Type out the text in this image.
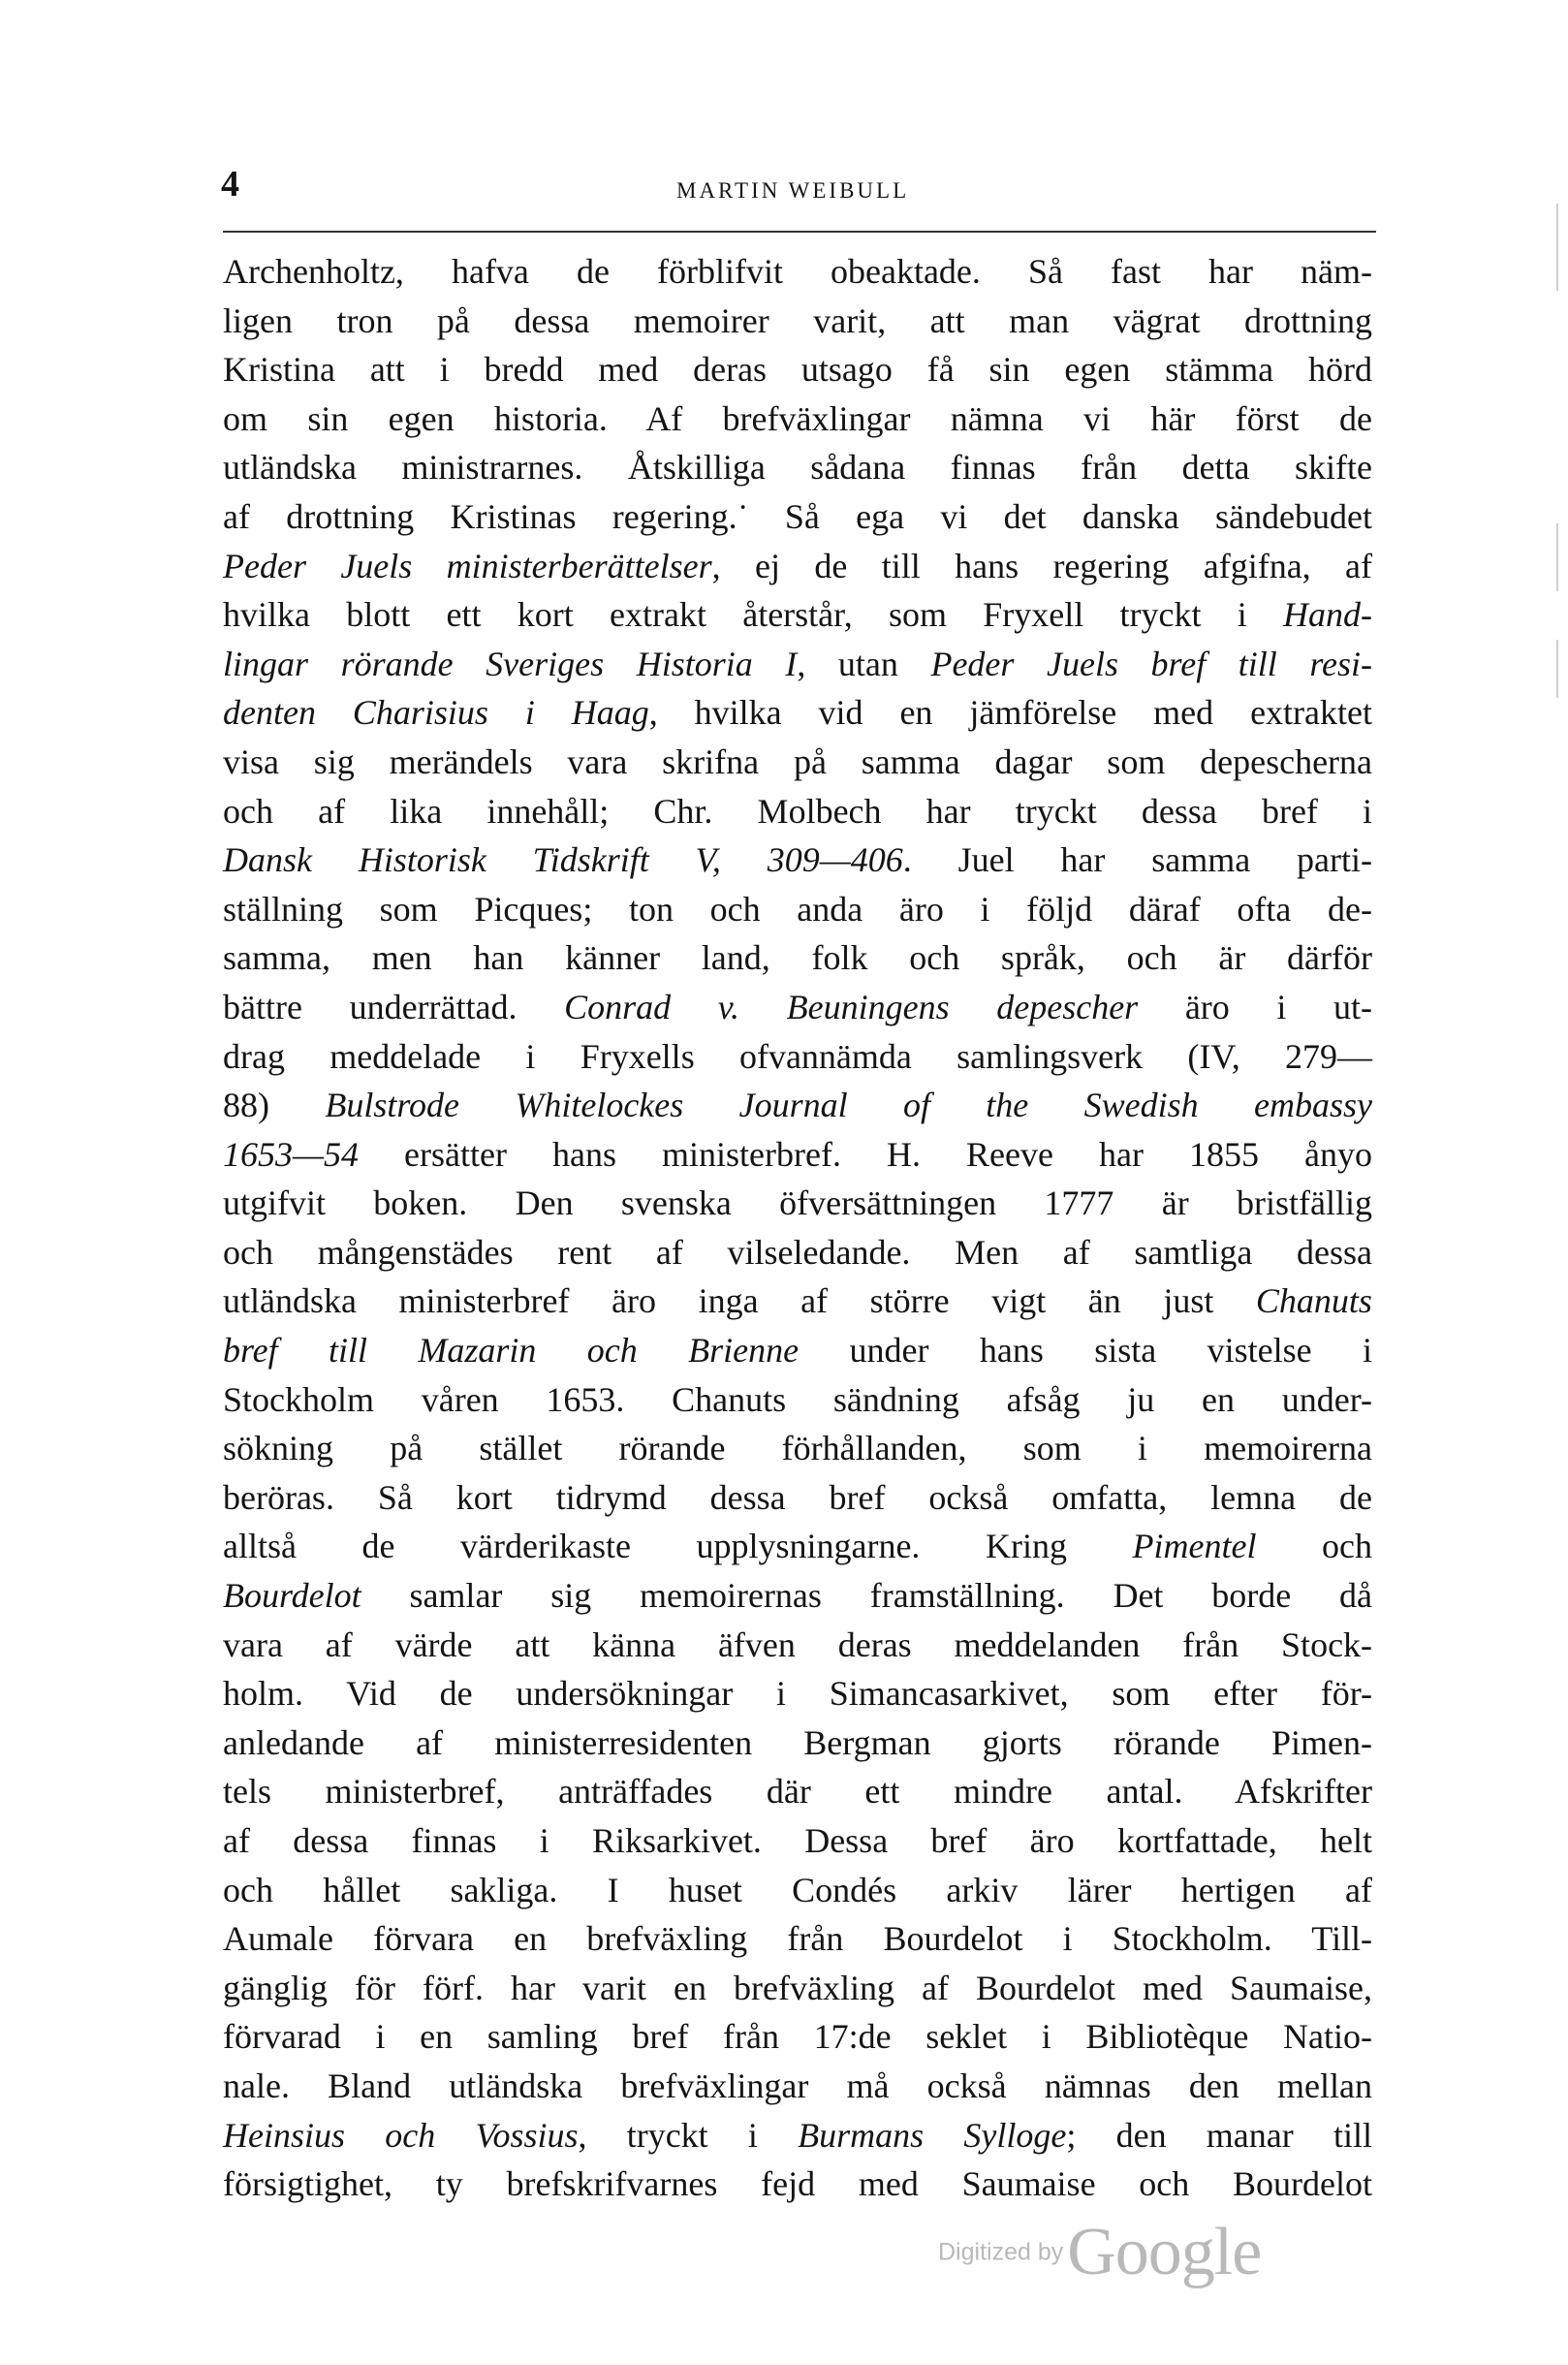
4	MARTIN WEIBULL
Archenholtz, hafva de förblifvit obeaktade. Så fast har näm-
ligen tron på dessa memoirer varit, att man vägrat drottning
Kristina att i bredd med deras utsago få sin egen stämma hörd
om sin egen historia. Af brefväxlingar nämna vi här först de
utländska ministrarnes. Åtskilliga sådana finnas från detta skifte
af drottning Kristinas regering.˙ Så ega vi det danska sändebudet
Peder Juels ministerberättelser, ej de till hans regering afgifna, af
hvilka blott ett kort extrakt återstår, som Fryxell tryckt i Hand-
lingar rörande Sveriges Historia I, utan Peder Juels bref till resi-
denten Charisius i Haag, hvilka vid en jämförelse med extraktet
visa sig merändels vara skrifna på samma dagar som depescherna
och af lika innehåll; Chr. Molbech har tryckt dessa bref i
Dansk Historisk Tidskrift V, 309—406. Juel har samma parti-
ställning som Picques; ton och anda äro i följd däraf ofta de-
samma, men han känner land, folk och språk, och är därför
bättre underrättad. Conrad v. Beuningens depescher äro i ut-
drag meddelade i Fryxells ofvannämda samlingsverk (IV, 279—
88) Bulstrode Whitelockes Journal of the Swedish embassy
1653—54 ersätter hans ministerbref. H. Reeve har 1855 ånyo
utgifvit boken. Den svenska öfversättningen 1777 är bristfällig
och mångenstädes rent af vilseledande. Men af samtliga dessa
utländska ministerbref äro inga af större vigt än just Chanuts
bref till Mazarin och Brienne under hans sista vistelse i
Stockholm våren 1653. Chanuts sändning afsåg ju en under-
sökning på stället rörande förhållanden, som i memoirerna
beröras. Så kort tidrymd dessa bref också omfatta, lemna de
alltså de värderikaste upplysningarne. Kring Pimentel och
Bourdelot samlar sig memoirernas framställning. Det borde då
vara af värde att känna äfven deras meddelanden från Stock-
holm. Vid de undersökningar i Simancasarkivet, som efter för-
anledande af ministerresidenten Bergman gjorts rörande Pimen-
tels ministerbref, anträffades där ett mindre antal. Afskrifter
af dessa finnas i Riksarkivet. Dessa bref äro kortfattade, helt
och hållet sakliga. I huset Condés arkiv lärer hertigen af
Aumale förvara en brefväxling från Bourdelot i Stockholm. Till-
gänglig för förf. har varit en brefväxling af Bourdelot med Saumaise,
förvarad i en samling bref från 17:de seklet i Bibliotèque Natio-
nale. Bland utländska brefväxlingar må också nämnas den mellan
Heinsius och Vossius, tryckt i Burmans Sylloge; den manar till
försigtighet, ty brefskrifvarnes fejd med Saumaise och Bourdelot
Digitized by Google
